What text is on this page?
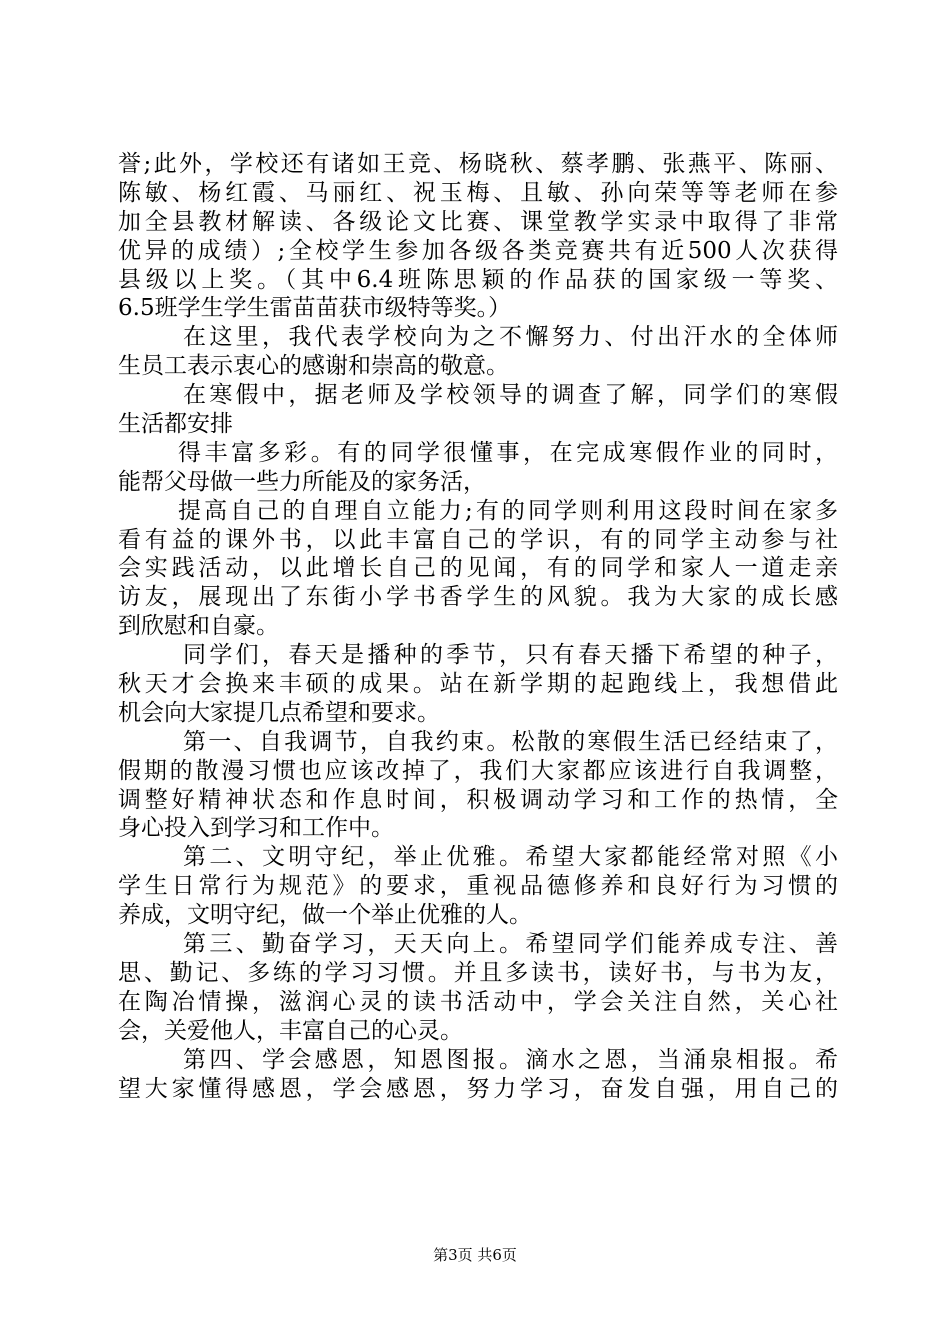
誉;此外，学校还有诸如王竞、杨晓秋、蔡孝鹏、张燕平、陈丽、
陈敏、杨红霞、马丽红、祝玉梅、且敏、孙向荣等等老师在参
加全县教材解读、各级论文比赛、课堂教学实录中取得了非常
优异的成绩）;全校学生参加各级各类竞赛共有近500人次获得
县级以上奖。（其中6.4班陈思颖的作品获的国家级一等奖、
6.5班学生学生雷苗苗获市级特等奖。）
在这里，我代表学校向为之不懈努力、付出汗水的全体师
生员工表示衷心的感谢和崇高的敬意。
在寒假中，据老师及学校领导的调查了解，同学们的寒假
生活都安排
得丰富多彩。有的同学很懂事，在完成寒假作业的同时，
能帮父母做一些力所能及的家务活，
提高自己的自理自立能力;有的同学则利用这段时间在家多
看有益的课外书，以此丰富自己的学识，有的同学主动参与社
会实践活动，以此增长自己的见闻，有的同学和家人一道走亲
访友，展现出了东街小学书香学生的风貌。我为大家的成长感
到欣慰和自豪。
同学们，春天是播种的季节，只有春天播下希望的种子，
秋天才会换来丰硕的成果。站在新学期的起跑线上，我想借此
机会向大家提几点希望和要求。
第一、自我调节，自我约束。松散的寒假生活已经结束了，
假期的散漫习惯也应该改掉了，我们大家都应该进行自我调整，
调整好精神状态和作息时间，积极调动学习和工作的热情，全
身心投入到学习和工作中。
第二、文明守纪，举止优雅。希望大家都能经常对照《小
学生日常行为规范》的要求，重视品德修养和良好行为习惯的
养成，文明守纪，做一个举止优雅的人。
第三、勤奋学习，天天向上。希望同学们能养成专注、善
思、勤记、多练的学习习惯。并且多读书，读好书，与书为友，
在陶冶情操，滋润心灵的读书活动中，学会关注自然，关心社
会，关爱他人，丰富自己的心灵。
第四、学会感恩，知恩图报。滴水之恩，当涌泉相报。希
望大家懂得感恩，学会感恩，努力学习，奋发自强，用自己的
第3页 共6页
